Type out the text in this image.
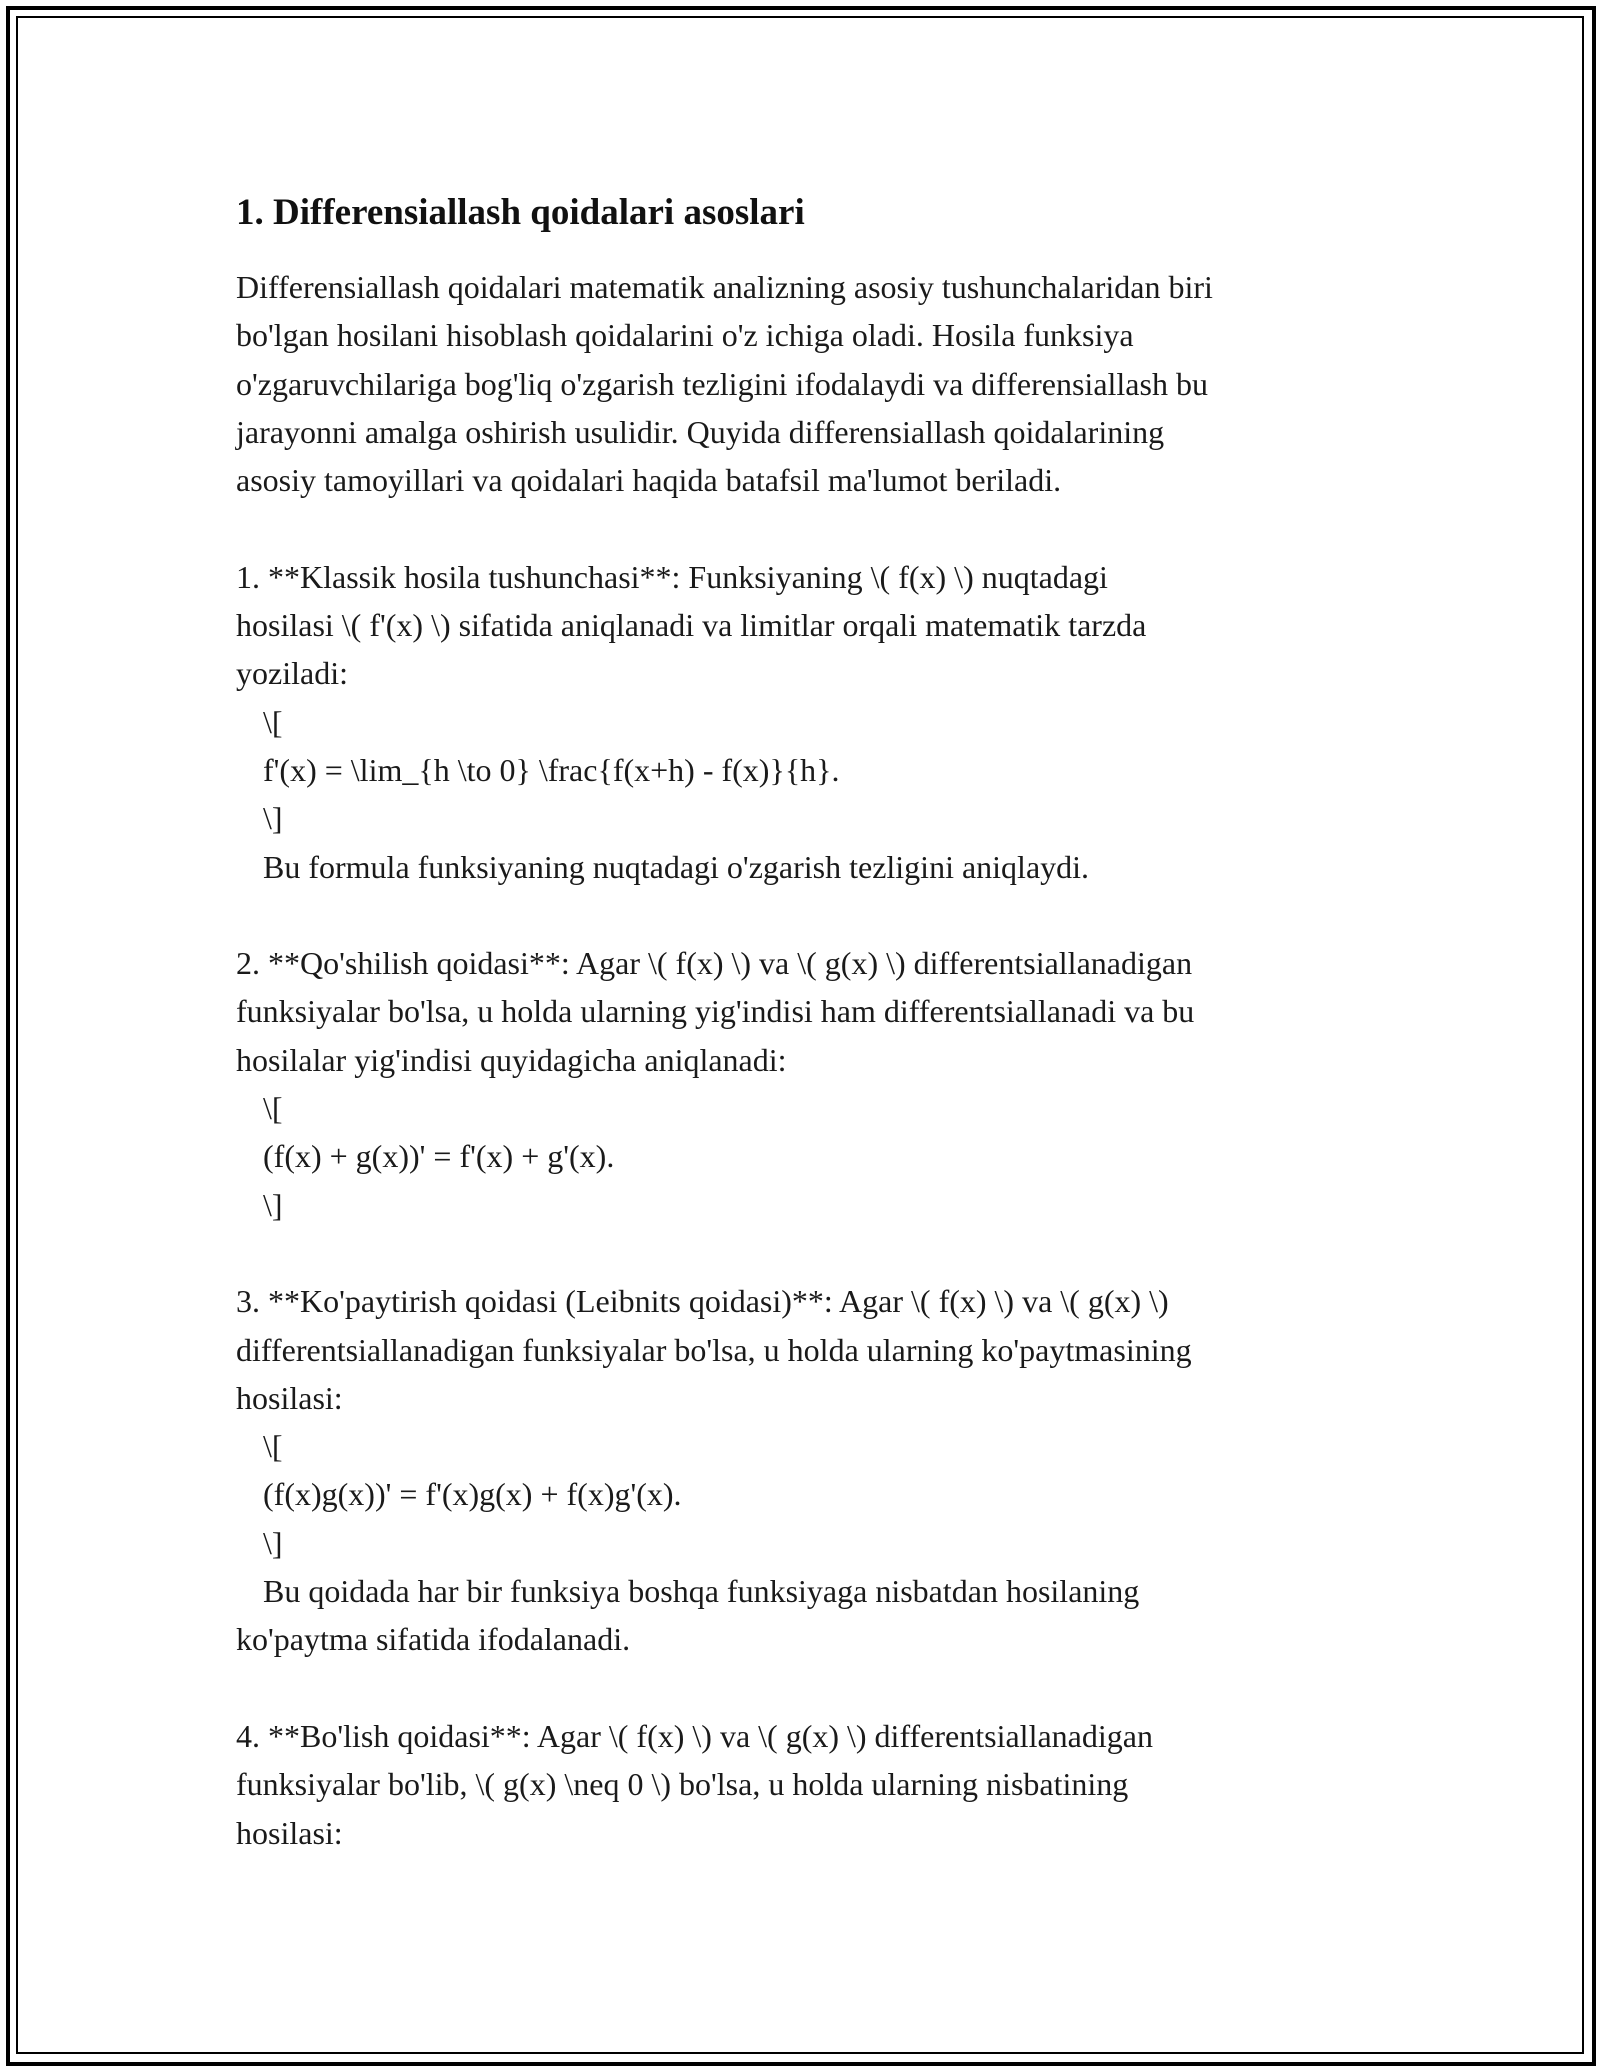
1. Differensiallash qoidalari asoslari
Differensiallash qoidalari matematik analizning asosiy tushunchalaridan biri
bo'lgan hosilani hisoblash qoidalarini o'z ichiga oladi. Hosila funksiya
o'zgaruvchilariga bog'liq o'zgarish tezligini ifodalaydi va differensiallash bu
jarayonni amalga oshirish usulidir. Quyida differensiallash qoidalarining
asosiy tamoyillari va qoidalari haqida batafsil ma'lumot beriladi.
1. **Klassik hosila tushunchasi**: Funksiyaning \( f(x) \) nuqtadagi
hosilasi \( f'(x) \) sifatida aniqlanadi va limitlar orqali matematik tarzda
yoziladi:
\[
f'(x) = \lim_{h \to 0} \frac{f(x+h) - f(x)}{h}.
\]
Bu formula funksiyaning nuqtadagi o'zgarish tezligini aniqlaydi.
2. **Qo'shilish qoidasi**: Agar \( f(x) \) va \( g(x) \) differentsiallanadigan
funksiyalar bo'lsa, u holda ularning yig'indisi ham differentsiallanadi va bu
hosilalar yig'indisi quyidagicha aniqlanadi:
\[
(f(x) + g(x))' = f'(x) + g'(x).
\]
3. **Ko'paytirish qoidasi (Leibnits qoidasi)**: Agar \( f(x) \) va \( g(x) \)
differentsiallanadigan funksiyalar bo'lsa, u holda ularning ko'paytmasining
hosilasi:
\[
(f(x)g(x))' = f'(x)g(x) + f(x)g'(x).
\]
Bu qoidada har bir funksiya boshqa funksiyaga nisbatdan hosilaning
ko'paytma sifatida ifodalanadi.
4. **Bo'lish qoidasi**: Agar \( f(x) \) va \( g(x) \) differentsiallanadigan
funksiyalar bo'lib, \( g(x) \neq 0 \) bo'lsa, u holda ularning nisbatining
hosilasi:
